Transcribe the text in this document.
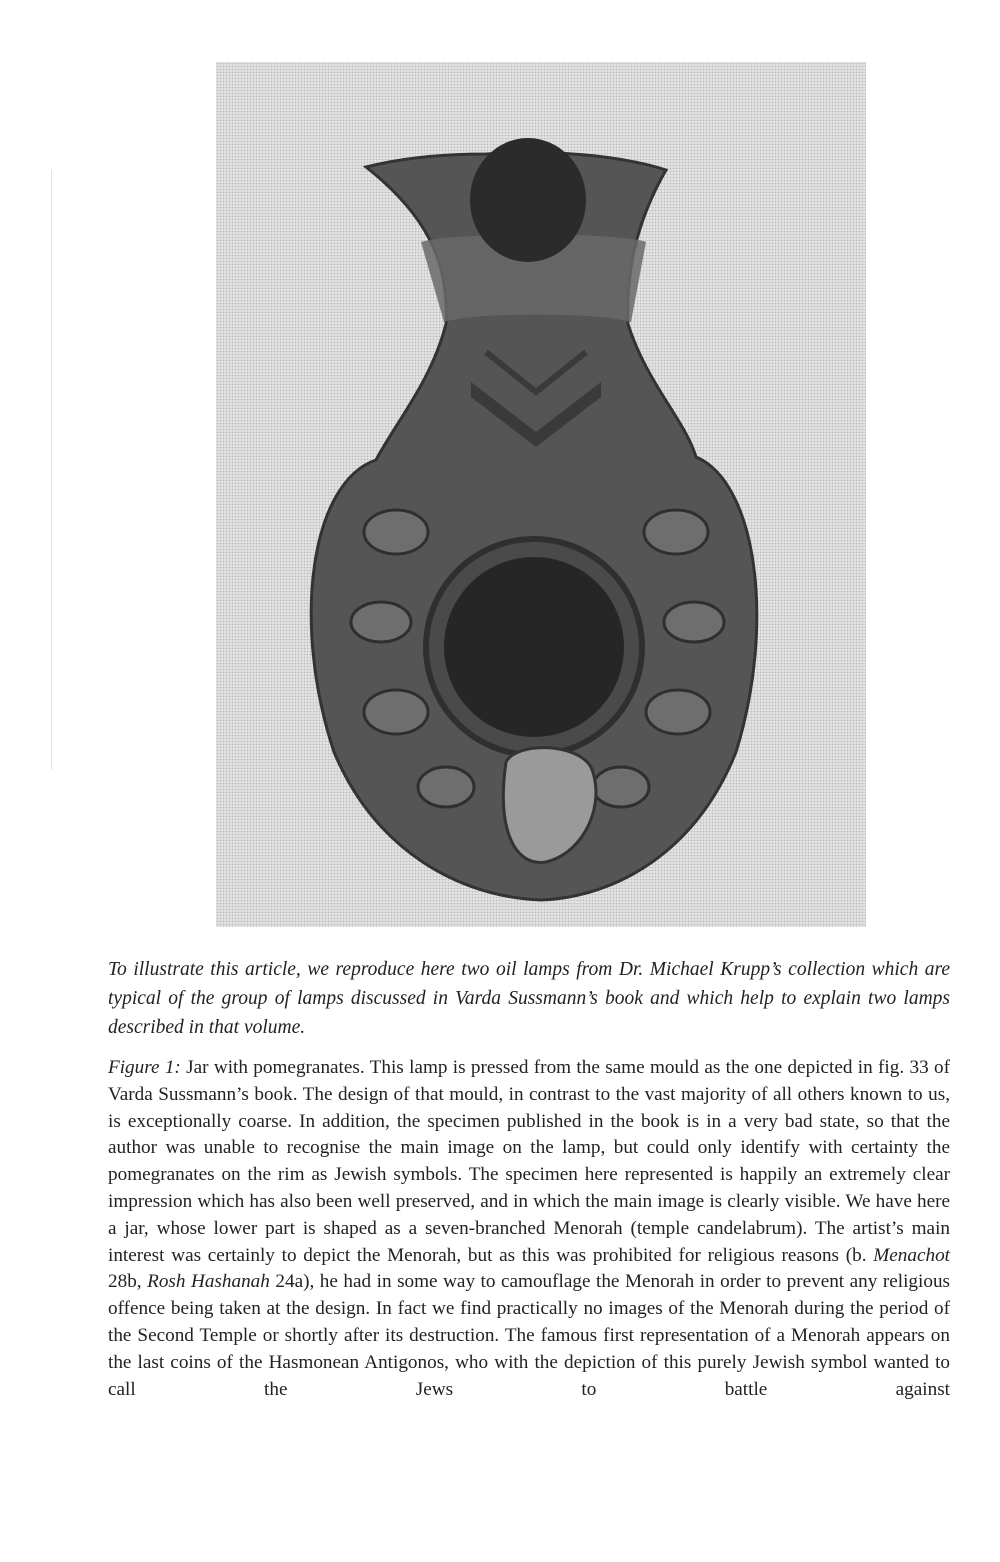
To illustrate this article, we reproduce here two oil lamps from Dr. Michael Krupp’s collection which are typical of the group of lamps discussed in Varda Sussmann’s book and which help to explain two lamps described in that volume.

Figure 1: Jar with pomegranates. This lamp is pressed from the same mould as the one depicted in fig. 33 of Varda Sussmann’s book. The design of that mould, in contrast to the vast majority of all others known to us, is exceptionally coarse. In addition, the specimen published in the book is in a very bad state, so that the author was unable to recognise the main image on the lamp, but could only identify with certainty the pomegranates on the rim as Jewish symbols. The specimen here represented is happily an extremely clear impression which has also been well preserved, and in which the main image is clearly visible. We have here a jar, whose lower part is shaped as a seven-branched Menorah (temple candelabrum). The artist’s main interest was certainly to depict the Menorah, but as this was prohibited for religious reasons (b. Menachot 28b, Rosh Hashanah 24a), he had in some way to camouflage the Menorah in order to prevent any religious offence being taken at the design. In fact we find practically no images of the Menorah during the period of the Second Temple or shortly after its destruction. The famous first representation of a Menorah appears on the last coins of the Hasmonean Antigonos, who with the depiction of this purely Jewish symbol wanted to call the Jews to battle against
